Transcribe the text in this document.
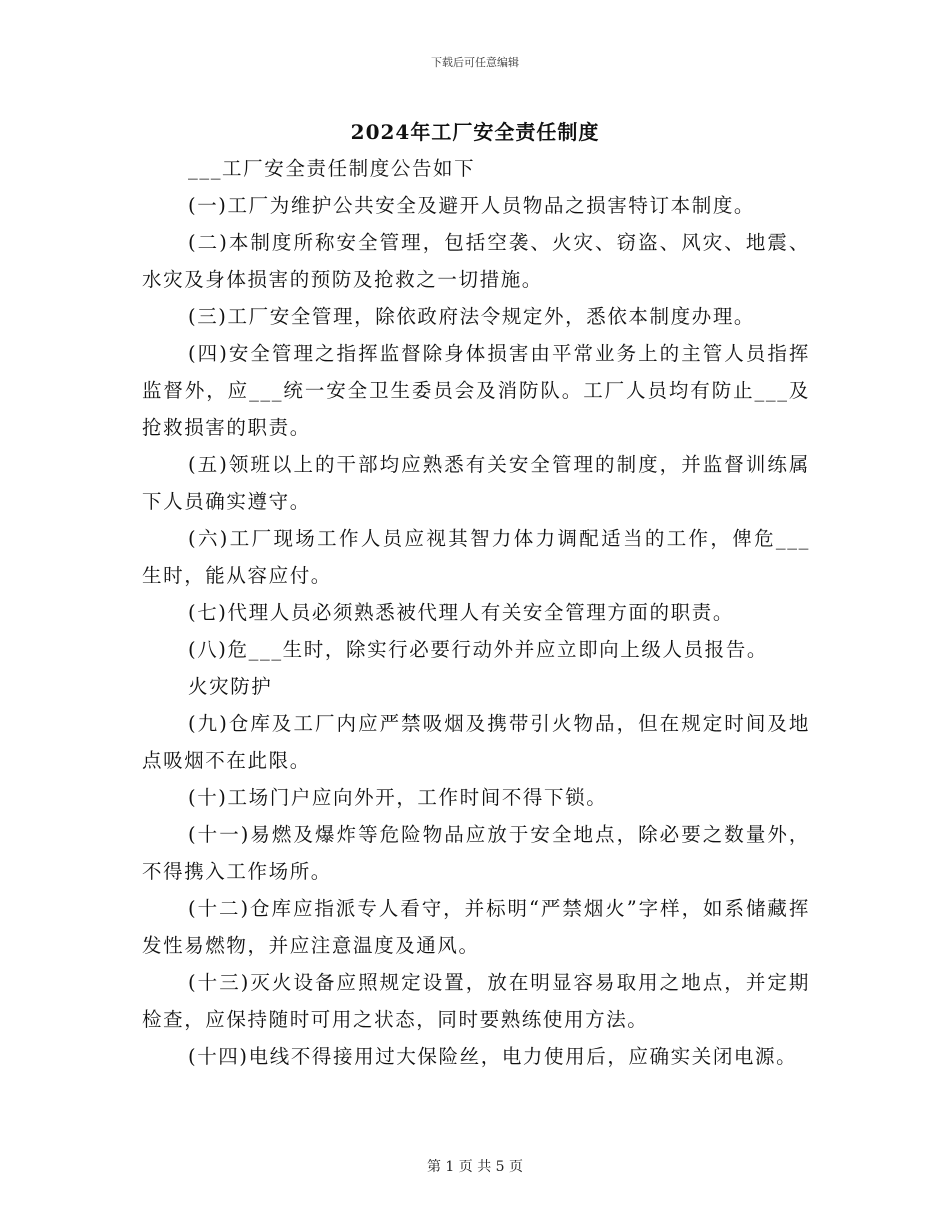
下载后可任意编辑
2024年工厂安全责任制度

___工厂安全责任制度公告如下

(一)工厂为维护公共安全及避开人员物品之损害特订本制度。

(二)本制度所称安全管理，包括空袭、火灾、窃盗、风灾、地震、水灾及身体损害的预防及抢救之一切措施。

(三)工厂安全管理，除依政府法令规定外，悉依本制度办理。

(四)安全管理之指挥监督除身体损害由平常业务上的主管人员指挥监督外，应___统一安全卫生委员会及消防队。工厂人员均有防止___及抢救损害的职责。

(五)领班以上的干部均应熟悉有关安全管理的制度，并监督训练属下人员确实遵守。

(六)工厂现场工作人员应视其智力体力调配适当的工作，俾危___生时，能从容应付。

(七)代理人员必须熟悉被代理人有关安全管理方面的职责。

(八)危___生时，除实行必要行动外并应立即向上级人员报告。

火灾防护

(九)仓库及工厂内应严禁吸烟及携带引火物品，但在规定时间及地点吸烟不在此限。

(十)工场门户应向外开，工作时间不得下锁。

(十一)易燃及爆炸等危险物品应放于安全地点，除必要之数量外，不得携入工作场所。

(十二)仓库应指派专人看守，并标明“严禁烟火”字样，如系储藏挥发性易燃物，并应注意温度及通风。

(十三)灭火设备应照规定设置，放在明显容易取用之地点，并定期检查，应保持随时可用之状态，同时要熟练使用方法。

(十四)电线不得接用过大保险丝，电力使用后，应确实关闭电源。

第 1 页 共 5 页
